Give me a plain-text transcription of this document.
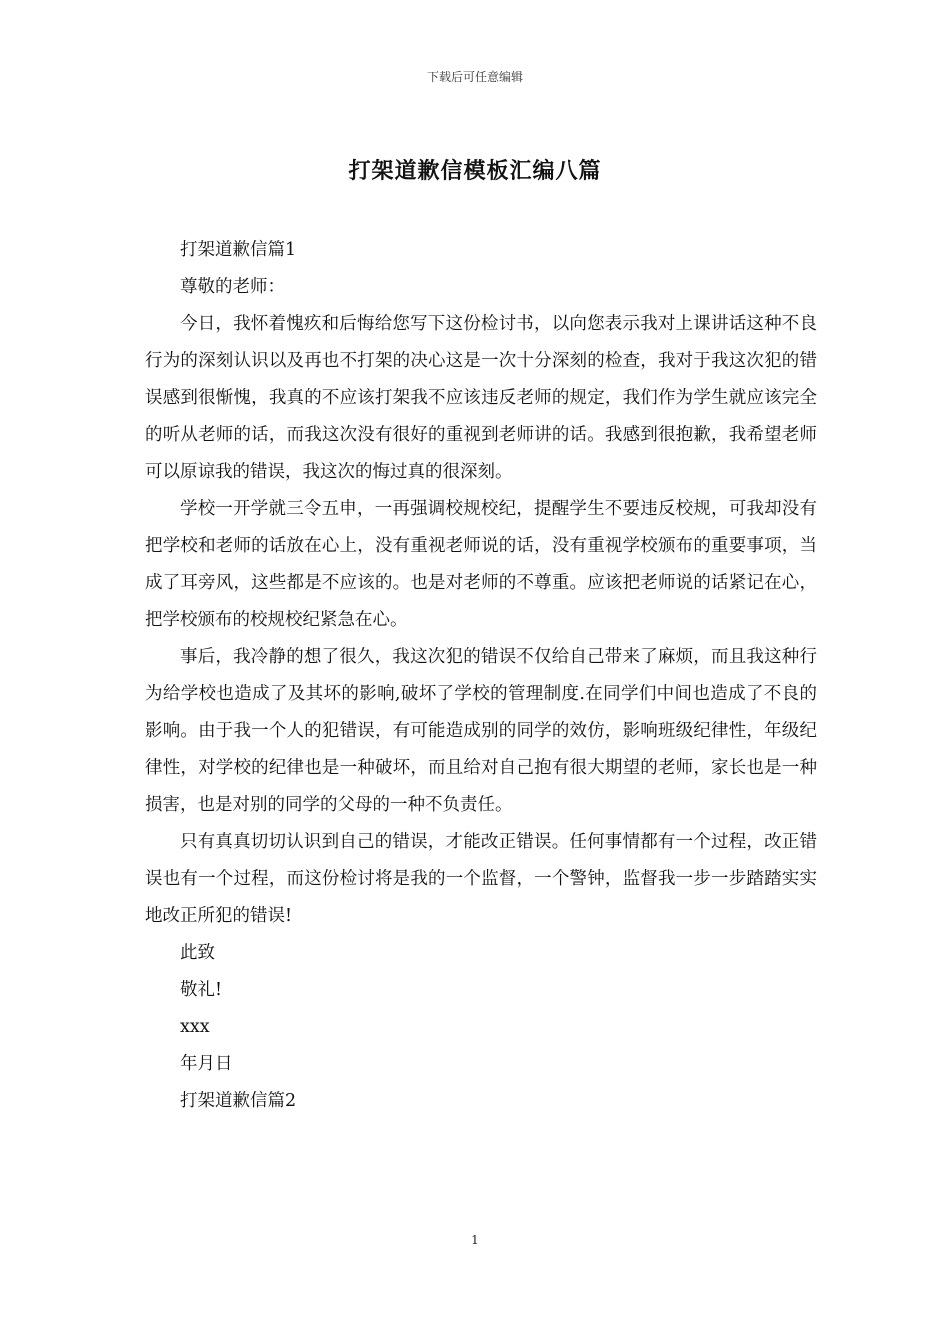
下载后可任意编辑
打架道歉信模板汇编八篇

打架道歉信篇1

尊敬的老师：

今日，我怀着愧疚和后悔给您写下这份检讨书，以向您表示我对上课讲话这种不良行为的深刻认识以及再也不打架的决心这是一次十分深刻的检查，我对于我这次犯的错误感到很惭愧，我真的不应该打架我不应该违反老师的规定，我们作为学生就应该完全的听从老师的话，而我这次没有很好的重视到老师讲的话。我感到很抱歉，我希望老师可以原谅我的错误，我这次的悔过真的很深刻。

学校一开学就三令五申，一再强调校规校纪，提醒学生不要违反校规，可我却没有把学校和老师的话放在心上，没有重视老师说的话，没有重视学校颁布的重要事项，当成了耳旁风，这些都是不应该的。也是对老师的不尊重。应该把老师说的话紧记在心，把学校颁布的校规校纪紧急在心。

事后，我冷静的想了很久，我这次犯的错误不仅给自己带来了麻烦，而且我这种行为给学校也造成了及其坏的影响,破坏了学校的管理制度.在同学们中间也造成了不良的影响。由于我一个人的犯错误，有可能造成别的同学的效仿，影响班级纪律性，年级纪律性，对学校的纪律也是一种破坏，而且给对自己抱有很大期望的老师，家长也是一种损害，也是对别的同学的父母的一种不负责任。

只有真真切切认识到自己的错误，才能改正错误。任何事情都有一个过程，改正错误也有一个过程，而这份检讨将是我的一个监督，一个警钟，监督我一步一步踏踏实实地改正所犯的错误!

此致

敬礼!

xxx

年月日

打架道歉信篇2

1
